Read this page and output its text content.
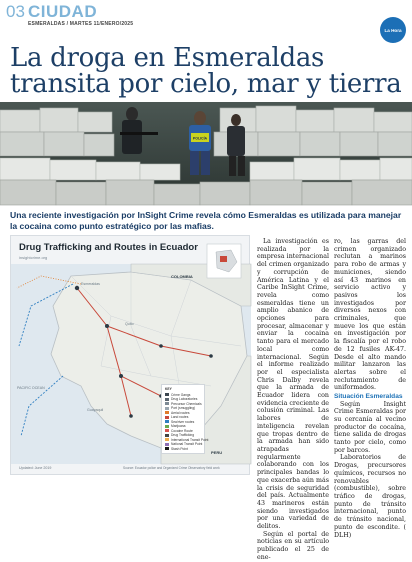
03 CIUDAD
ESMERALDAS / MARTES 11/ENERO/2025
La Hora
La droga en Esmeraldas transita por cielo, mar y tierra
POLICÍA

Una reciente investigación por InSight Crime revela cómo Esmeraldas es utilizada para manejar la cocaina como punto estratégico por las mafias.

Drug Trafficking and Routes in Ecuador
insightcrime.org
COLOMBIA
PERU
PACIFIC OCEAN
Esmeraldas
Quito
Guayaquil
KEY
Crime Gangs
Drug Laboratories
Precursor Chemicals
Port (smuggling)
Aerial routes
Land routes
Sea/river routes
Marijuana
Cocaine Route
Drug Trafficking
International Transit Point
National Transit Point
Stash Point
Updated: June 2019	Source: Ecuador police and Organized Crime Observatory field work

La investigación es realizada por la empresa internacional del crimen organizado y corrupción de América Latina y el Caribe InSight Crime, revela como esmeraldas tiene un amplio abanico de opciones para procesar, almacenar y enviar la cocaina tanto para el mercado local como internacional. Según el informe realizado por el especialista Chris Dalby revela que la armada de Ecuador lidera con evidencia creciente de colusión criminal. Las labores de inteligencia revelan que tropas dentro de la armada han sido atrapadas regularmente colaborando con los principales bandas lo que exacerba aún más la crisis de seguridad del país. Actualmente 43 marineros están siendo investigados por una variedad de delitos.

Según el portal de noticias en su artículo publicado el 25 de ene-

ro, las garras del crimen organizado reclutan a marinos para robo de armas y municiones, siendo así 43 marinos en servicio activo y pasivos los investigados por diversos nexos con criminales, que mueve los que están en investigación por la fiscalía por el robo de 12 fusiles AK-47. Desde el alto mando militar lanzaron las alertas sobre el reclutamiento de uniformados.

Situación Esmeraldas

Según Insight Crime Esmeraldas por su cercanía al vecino productor de cocaína, tiene salida de drogas tanto por cielo, como por barcos.

Laboratorios de Drogas, precursores químicos, recursos no renovables (combustible), sobre tráfico de drogas, punto de tránsito internacional, punto de tránsito nacional, punto de escondite. ( DLH)
